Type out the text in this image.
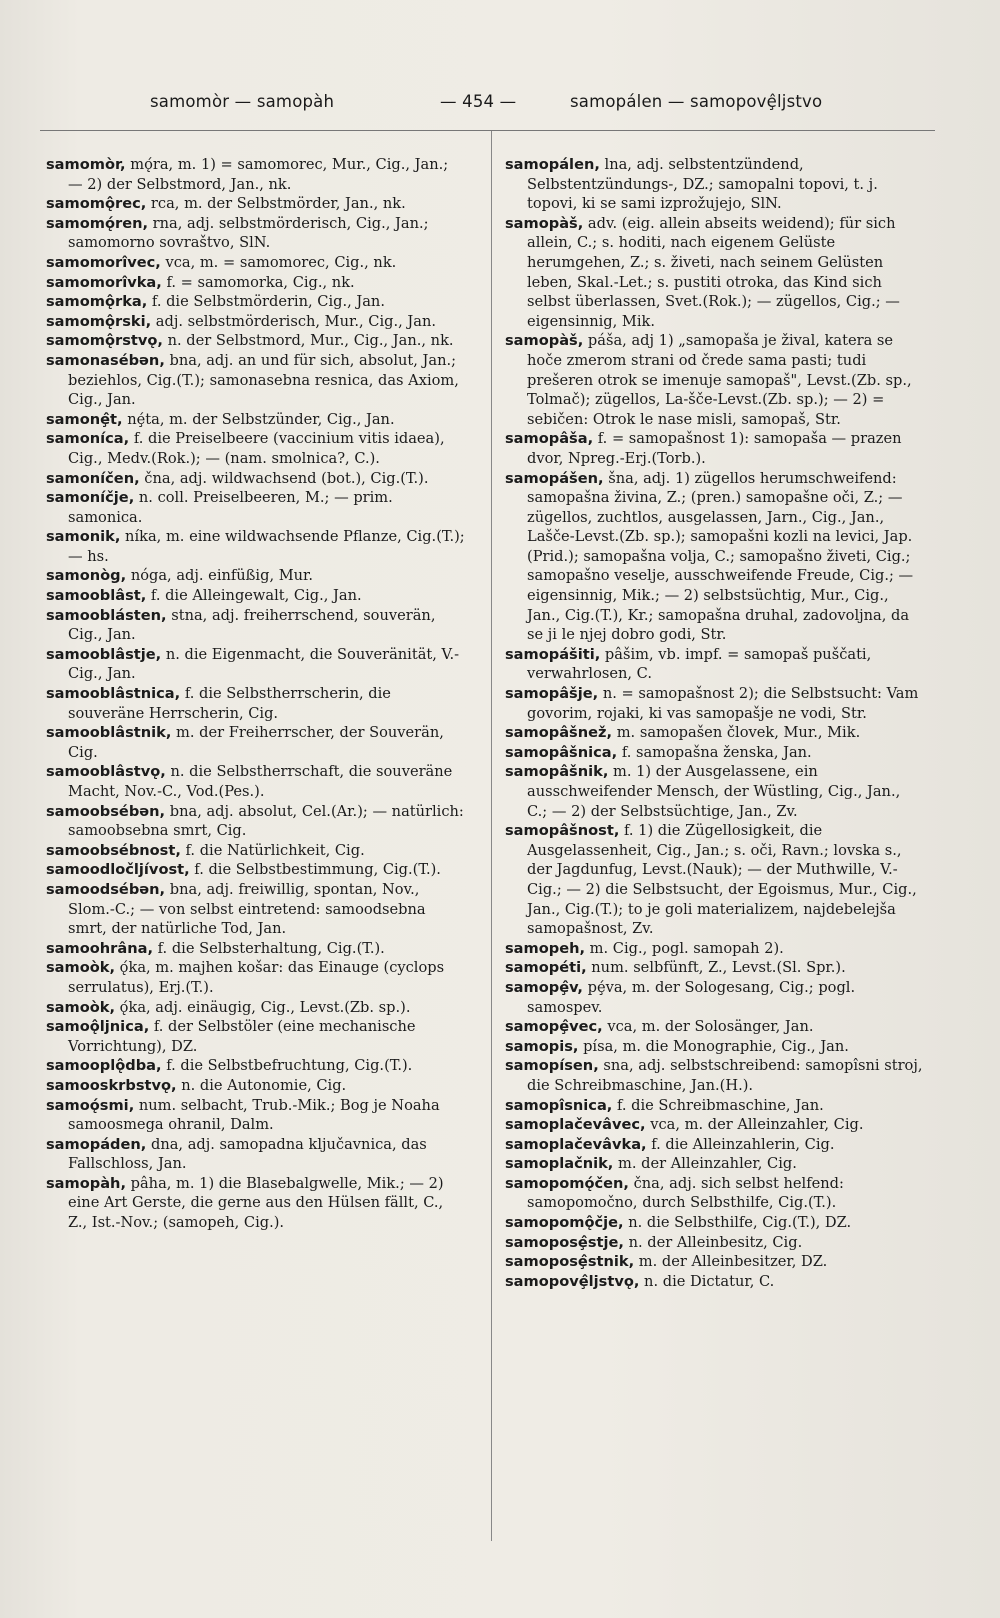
samomòr — samopàh	— 454 —	samopálen — samopovȩ̂ljstvo

samomòr, mǫ́ra, m. 1) = samomorec, Mur., Cig., Jan.; — 2) der Selbstmord, Jan., nk.

samomǫ̂rec, rca, m. der Selbstmörder, Jan., nk.

samomǫ́ren, rna, adj. selbstmörderisch, Cig., Jan.; samomorno sovraštvo, SlN.

samomorîvec, vca, m. = samomorec, Cig., nk.

samomorîvka, f. = samomorka, Cig., nk.

samomǫ̂rka, f. die Selbstmörderin, Cig., Jan.

samomǫ̂rski, adj. selbstmörderisch, Mur., Cig., Jan.

samomǫ̂rstvǫ, n. der Selbstmord, Mur., Cig., Jan., nk.

samonasébən, bna, adj. an und für sich, absolut, Jan.; beziehlos, Cig.(T.); samonasebna resnica, das Axiom, Cig., Jan.

samonȩ̂t, nȩ́ta, m. der Selbstzünder, Cig., Jan.

samoníca, f. die Preiselbeere (vaccinium vitis idaea), Cig., Medv.(Rok.); — (nam. smolnica?, C.).

samoníčen, čna, adj. wildwachsend (bot.), Cig.(T.).

samoníčje, n. coll. Preiselbeeren, M.; — prim. samonica.

samonik, níka, m. eine wildwachsende Pflanze, Cig.(T.); — hs.

samonòg, nóga, adj. einfüßig, Mur.

samooblâst, f. die Alleingewalt, Cig., Jan.

samooblásten, stna, adj. freiherrschend, souverän, Cig., Jan.

samooblâstje, n. die Eigenmacht, die Souveränität, V.-Cig., Jan.

samooblâstnica, f. die Selbstherrscherin, die souveräne Herrscherin, Cig.

samooblâstnik, m. der Freiherrscher, der Souverän, Cig.

samooblâstvǫ, n. die Selbstherrschaft, die souveräne Macht, Nov.-C., Vod.(Pes.).

samoobsébən, bna, adj. absolut, Cel.(Ar.); — natürlich: samoobsebna smrt, Cig.

samoobsébnost, f. die Natürlichkeit, Cig.

samoodločljívost, f. die Selbstbestimmung, Cig.(T.).

samoodsébən, bna, adj. freiwillig, spontan, Nov., Slom.-C.; — von selbst eintretend: samoodsebna smrt, der natürliche Tod, Jan.

samoohrâna, f. die Selbsterhaltung, Cig.(T.).

samoòk, ǫ́ka, m. majhen košar: das Einauge (cyclops serrulatus), Erj.(T.).

samoòk, ǫ́ka, adj. einäugig, Cig., Levst.(Zb. sp.).

samoǫ̂ljnica, f. der Selbstöler (eine mechanische Vorrichtung), DZ.

samooplǫ̂dba, f. die Selbstbefruchtung, Cig.(T.).

samooskrbstvǫ, n. die Autonomie, Cig.

samoǫ́smi, num. selbacht, Trub.-Mik.; Bog je Noaha samoosmega ohranil, Dalm.

samopáden, dna, adj. samopadna ključavnica, das Fallschloss, Jan.

samopàh, pâha, m. 1) die Blasebalgwelle, Mik.; — 2) eine Art Gerste, die gerne aus den Hülsen fällt, C., Z., Ist.-Nov.; (samopeh, Cig.).

samopálen, lna, adj. selbstentzündend, Selbstentzündungs-, DZ.; samopalni topovi, t. j. topovi, ki se sami izprožujejo, SlN.

samopàš, adv. (eig. allein abseits weidend); für sich allein, C.; s. hoditi, nach eigenem Gelüste herumgehen, Z.; s. živeti, nach seinem Gelüsten leben, Skal.-Let.; s. pustiti otroka, das Kind sich selbst überlassen, Svet.(Rok.); — zügellos, Cig.; — eigensinnig, Mik.

samopàš, páša, adj 1) „samopaša je žival, katera se hoče zmerom strani od črede sama pasti; tudi prešeren otrok se imenuje samopaš", Levst.(Zb. sp., Tolmač); zügellos, La-šče-Levst.(Zb. sp.); — 2) = sebičen: Otrok le nase misli, samopaš, Str.

samopâša, f. = samopašnost 1): samopaša — prazen dvor, Npreg.-Erj.(Torb.).

samopášen, šna, adj. 1) zügellos herumschweifend: samopašna živina, Z.; (pren.) samopašne oči, Z.; — zügellos, zuchtlos, ausgelassen, Jarn., Cig., Jan., Lašče-Levst.(Zb. sp.); samopašni kozli na levici, Jap.(Prid.); samopašna volja, C.; samopašno živeti, Cig.; samopašno veselje, ausschweifende Freude, Cig.; — eigensinnig, Mik.; — 2) selbstsüchtig, Mur., Cig., Jan., Cig.(T.), Kr.; samopašna druhal, zadovoljna, da se ji le njej dobro godi, Str.

samopášiti, pâšim, vb. impf. = samopaš puščati, verwahrlosen, C.

samopâšje, n. = samopašnost 2); die Selbstsucht: Vam govorim, rojaki, ki vas samopašje ne vodi, Str.

samopâšnež, m. samopašen človek, Mur., Mik.

samopâšnica, f. samopašna ženska, Jan.

samopâšnik, m. 1) der Ausgelassene, ein ausschweifender Mensch, der Wüstling, Cig., Jan., C.; — 2) der Selbstsüchtige, Jan., Zv.

samopâšnost, f. 1) die Zügellosigkeit, die Ausgelassenheit, Cig., Jan.; s. oči, Ravn.; lovska s., der Jagdunfug, Levst.(Nauk); — der Muthwille, V.-Cig.; — 2) die Selbstsucht, der Egoismus, Mur., Cig., Jan., Cig.(T.); to je goli materializem, najdebelejša samopašnost, Zv.

samopeh, m. Cig., pogl. samopah 2).

samopéti, num. selbfünft, Z., Levst.(Sl. Spr.).

samopȩ̂v, pȩ́va, m. der Sologesang, Cig.; pogl. samospev.

samopȩ̂vec, vca, m. der Solosänger, Jan.

samopis, písa, m. die Monographie, Cig., Jan.

samopísen, sna, adj. selbstschreibend: samopîsni stroj, die Schreibmaschine, Jan.(H.).

samopîsnica, f. die Schreibmaschine, Jan.

samoplačevâvec, vca, m. der Alleinzahler, Cig.

samoplačevâvka, f. die Alleinzahlerin, Cig.

samoplačnik, m. der Alleinzahler, Cig.

samopomǫ́čen, čna, adj. sich selbst helfend: samopomočno, durch Selbsthilfe, Cig.(T.).

samopomǫ̂čje, n. die Selbsthilfe, Cig.(T.), DZ.

samoposȩ̂stje, n. der Alleinbesitz, Cig.

samoposȩ̂stnik, m. der Alleinbesitzer, DZ.

samopovȩ̂ljstvǫ, n. die Dictatur, C.
